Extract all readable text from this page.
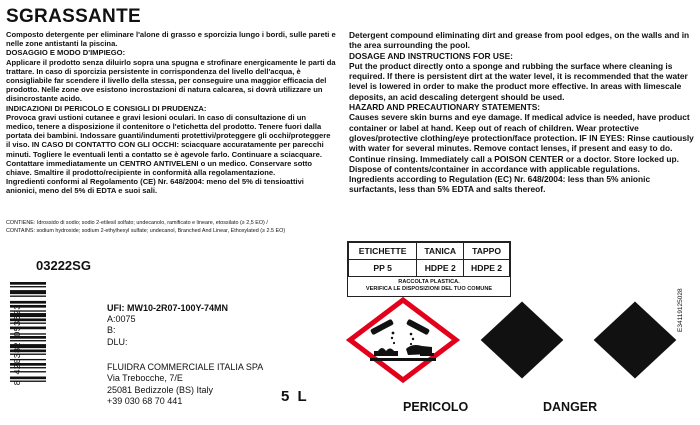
SGRASSANTE

Composto detergente per eliminare l'alone di grasso e sporcizia lungo i bordi, sulle pareti e nelle zone antistanti la piscina.

DOSAGGIO E MODO D'IMPIEGO:

Applicare il prodotto senza diluirlo sopra una spugna e strofinare energicamente le parti da trattare. In caso di sporcizia persistente in corrispondenza del livello dell'acqua, è consigliabile far scendere il livello della stessa, per conseguire una maggior efficacia del prodotto. Nelle zone ove esistono incrostazioni di natura calcarea, si dovrà utilizzare un disincrostante acido.

INDICAZIONI DI PERICOLO E CONSIGLI DI PRUDENZA:

Provoca gravi ustioni cutanee e gravi lesioni oculari. In caso di consultazione di un medico, tenere a disposizione il contenitore o l'etichetta del prodotto. Tenere fuori dalla portata dei bambini. Indossare guanti/indumenti protettivi/proteggere gli occhi/proteggere il viso. IN CASO DI CONTATTO CON GLI OCCHI: sciacquare accuratamente per parecchi minuti. Togliere le eventuali lenti a contatto se è agevole farlo. Continuare a sciacquare. Contattare immediatamente un CENTRO ANTIVELENI o un medico. Conservare sotto chiave. Smaltire il prodotto/recipiente in conformità alla regolamentazione.

Ingredienti conformi al Regolamento (CE) Nr. 648/2004: meno del 5% di tensioattivi anionici, meno del 5% di EDTA e suoi sali.

Detergent compound eliminating dirt and grease from pool edges, on the walls and in the area surrounding the pool.

DOSAGE AND INSTRUCTIONS FOR USE:

Put the product directly onto a sponge and rubbing the surface where cleaning is required. If there is persistent dirt at the water level, it is recommended that the water level is lowered in order to make the product more effective. In areas with limescale deposits, an acid descaling detergent should be used.

HAZARD AND PRECAUTIONARY STATEMENTS:

Causes severe skin burns and eye damage. If medical advice is needed, have product container or label at hand. Keep out of reach of children. Wear protective gloves/protective clothing/eye protection/face protection. IF IN EYES: Rinse cautiously with water for several minutes. Remove contact lenses, if present and easy to do. Continue rinsing. Immediately call a POISON CENTER or a doctor. Store locked up. Dispose of contents/container in accordance with applicable regulations.

Ingredients according to Regulation (EC) Nr. 648/2004: less than 5% anionic surfactants, less than 5% EDTA and salts thereof.

CONTIENE: Idrossido di sodio; sodio 2-etilesil solfato; undecanolo, ramificato e lineare, etossilato (≥ 2,5 EO) /
CONTAINS: sodium hydroxide; sodium 2-ethylhexyl sulfate; undecanol, Branched And Linear, Ethoxylated (≥ 2.5 EO)
03222SG
ETICHETTE	TANICA	TAPPO
PP 5	HDPE 2	HDPE 2
RACCOLTA PLASTICA.
VERIFICA LE DISPOSIZIONI DEL TUO COMUNE
8 420382 053623	UFI: MW10-2R07-100Y-74MN
A:0075
B:
DLU:
FLUIDRA COMMERCIALE ITALIA SPA
Via Trebocche, 7/E
25081 Bedizzole (BS) Italy
+39 030 68 70 441	5 L
PERICOLO	DANGER
E34119125028
